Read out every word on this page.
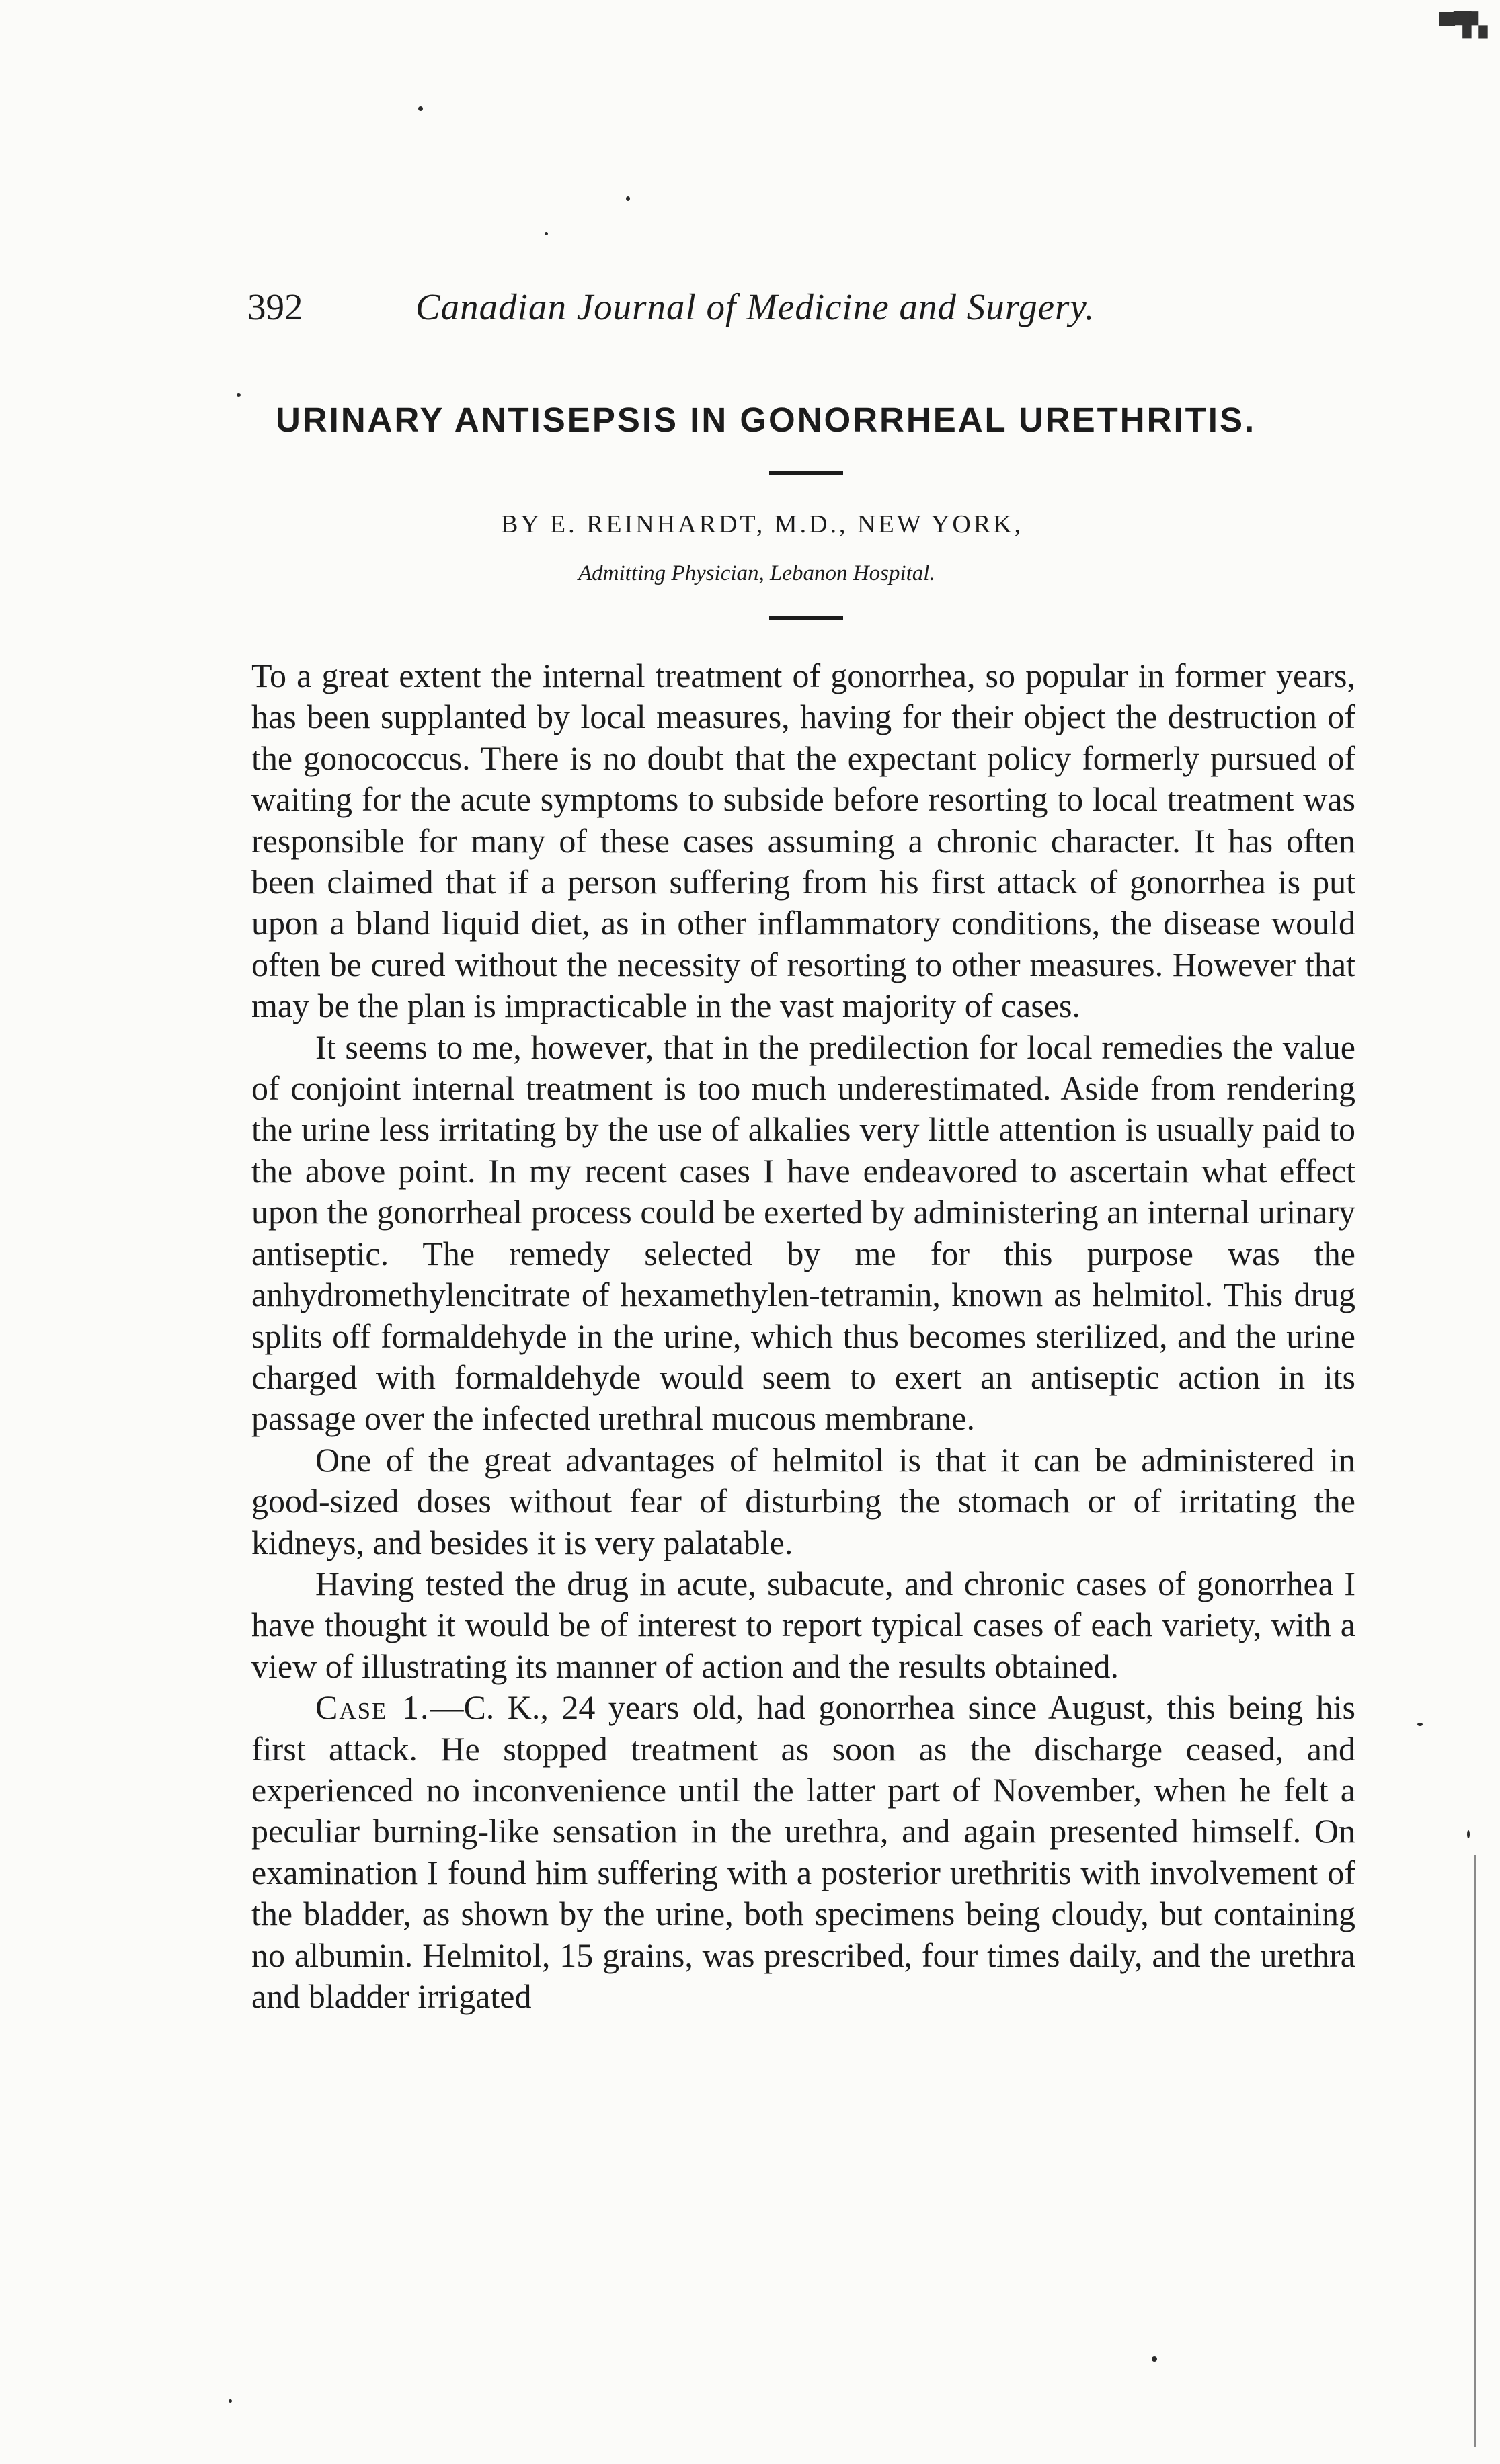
▀▜▚
392	Canadian Journal of Medicine and Surgery.
URINARY ANTISEPSIS IN GONORRHEAL URETHRITIS.
BY E. REINHARDT, M.D., NEW YORK,
Admitting Physician, Lebanon Hospital.

To a great extent the internal treatment of gonorrhea, so popular in former years, has been supplanted by local measures, having for their object the destruction of the gonococcus. There is no doubt that the expectant policy formerly pursued of waiting for the acute symptoms to subside before resorting to local treatment was responsible for many of these cases assuming a chronic character. It has often been claimed that if a person suffering from his first attack of gonorrhea is put upon a bland liquid diet, as in other inflammatory conditions, the disease would often be cured without the necessity of resorting to other measures. However that may be the plan is impracticable in the vast majority of cases.

It seems to me, however, that in the predilection for local remedies the value of conjoint internal treatment is too much underestimated. Aside from rendering the urine less irritating by the use of alkalies very little attention is usually paid to the above point. In my recent cases I have endeavored to ascertain what effect upon the gonorrheal process could be exerted by administering an internal urinary antiseptic. The remedy selected by me for this purpose was the anhydromethylencitrate of hexamethylen-tetramin, known as helmitol. This drug splits off formaldehyde in the urine, which thus becomes sterilized, and the urine charged with formaldehyde would seem to exert an antiseptic action in its passage over the infected urethral mucous membrane.

One of the great advantages of helmitol is that it can be administered in good-sized doses without fear of disturbing the stomach or of irritating the kidneys, and besides it is very palatable.

Having tested the drug in acute, subacute, and chronic cases of gonorrhea I have thought it would be of interest to report typical cases of each variety, with a view of illustrating its manner of action and the results obtained.

Case 1.—C. K., 24 years old, had gonorrhea since August, this being his first attack. He stopped treatment as soon as the discharge ceased, and experienced no inconvenience until the latter part of November, when he felt a peculiar burning-like sensation in the urethra, and again presented himself. On examination I found him suffering with a posterior urethritis with involvement of the bladder, as shown by the urine, both specimens being cloudy, but containing no albumin. Helmitol, 15 grains, was prescribed, four times daily, and the urethra and bladder irrigated
